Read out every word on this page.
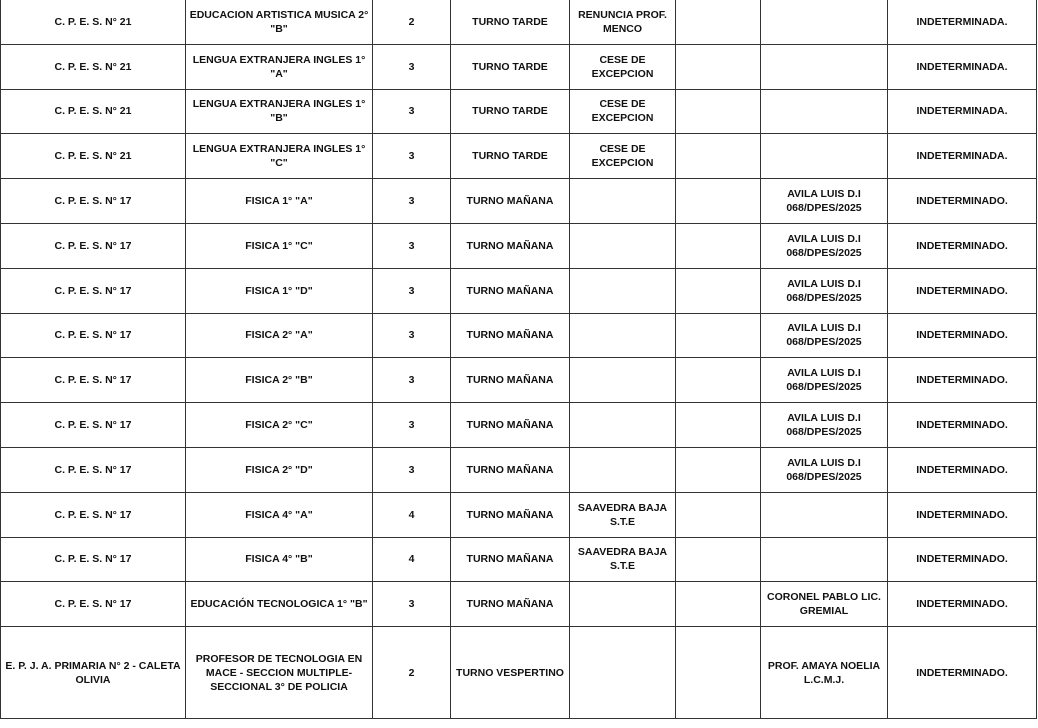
C. P. E. S. N° 21	EDUCACION ARTISTICA MUSICA 2° "B"	2	TURNO TARDE	RENUNCIA PROF. MENCO			INDETERMINADA.
C. P. E. S. N° 21	LENGUA EXTRANJERA INGLES 1° "A"	3	TURNO TARDE	CESE DE EXCEPCION			INDETERMINADA.
C. P. E. S. N° 21	LENGUA EXTRANJERA INGLES 1° "B"	3	TURNO TARDE	CESE DE EXCEPCION			INDETERMINADA.
C. P. E. S. N° 21	LENGUA EXTRANJERA INGLES 1° "C"	3	TURNO TARDE	CESE DE EXCEPCION			INDETERMINADA.
C. P. E. S. N° 17	FISICA 1° "A"	3	TURNO MAÑANA			AVILA LUIS D.I 068/DPES/2025	INDETERMINADO.
C. P. E. S. N° 17	FISICA 1° "C"	3	TURNO MAÑANA			AVILA LUIS D.I 068/DPES/2025	INDETERMINADO.
C. P. E. S. N° 17	FISICA 1° "D"	3	TURNO MAÑANA			AVILA LUIS D.I 068/DPES/2025	INDETERMINADO.
C. P. E. S. N° 17	FISICA 2° "A"	3	TURNO MAÑANA			AVILA LUIS D.I 068/DPES/2025	INDETERMINADO.
C. P. E. S. N° 17	FISICA 2° "B"	3	TURNO MAÑANA			AVILA LUIS D.I 068/DPES/2025	INDETERMINADO.
C. P. E. S. N° 17	FISICA 2° "C"	3	TURNO MAÑANA			AVILA LUIS D.I 068/DPES/2025	INDETERMINADO.
C. P. E. S. N° 17	FISICA 2° "D"	3	TURNO MAÑANA			AVILA LUIS D.I 068/DPES/2025	INDETERMINADO.
C. P. E. S. N° 17	FISICA 4° "A"	4	TURNO MAÑANA	SAAVEDRA BAJA S.T.E			INDETERMINADO.
C. P. E. S. N° 17	FISICA 4° "B"	4	TURNO MAÑANA	SAAVEDRA BAJA S.T.E			INDETERMINADO.
C. P. E. S. N° 17	EDUCACIÓN TECNOLOGICA 1° "B"	3	TURNO MAÑANA			CORONEL PABLO LIC. GREMIAL	INDETERMINADO.
E. P. J. A. PRIMARIA N° 2 - CALETA OLIVIA	PROFESOR DE TECNOLOGIA EN MACE - SECCION MULTIPLE- SECCIONAL 3° DE POLICIA	2	TURNO VESPERTINO			PROF. AMAYA NOELIA L.C.M.J.	INDETERMINADO.
